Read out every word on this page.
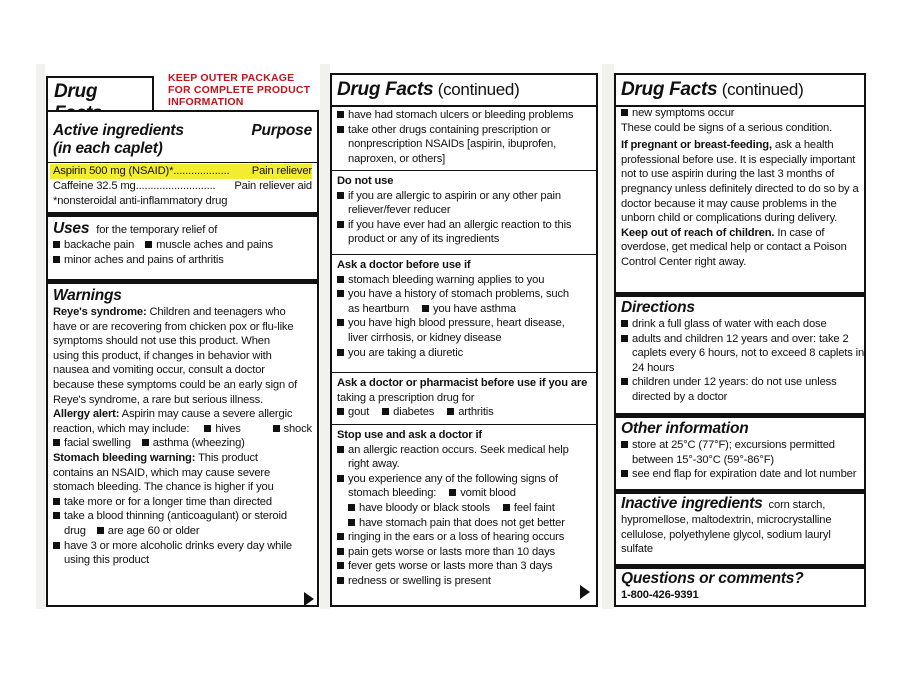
KEEP OUTER PACKAGE
FOR COMPLETE PRODUCT
INFORMATION
Drug
Active ingredients
(in each caplet)
Purpose
Aspirin 500 mg (NSAID)* ...................	Pain reliever
Caffeine 32.5 mg ...........................	Pain reliever aid
*nonsteroidal anti-inflammatory drug
Uses for the temporary relief of
backache pain muscle aches and pains
minor aches and pains of arthritis
Warnings
Reye's syndrome: Children and teenagers who
have or are recovering from chicken pox or flu-like
symptoms should not use this product. When
using this product, if changes in behavior with
nausea and vomiting occur, consult a doctor
because these symptoms could be an early sign of
Reye's syndrome, a rare but serious illness.
Allergy alert: Aspirin may cause a severe allergic
reaction, which may include: hives	shock
facial swelling asthma (wheezing)
Stomach bleeding warning: This product
contains an NSAID, which may cause severe
stomach bleeding. The chance is higher if you
take more or for a longer time than directed
take a blood thinning (anticoagulant) or steroid
drug are age 60 or older
have 3 or more alcoholic drinks every day while
using this product
Drug Facts (continued)
have had stomach ulcers or bleeding problems
take other drugs containing prescription or
nonprescription NSAIDs [aspirin, ibuprofen,
naproxen, or others]
Do not use
if you are allergic to aspirin or any other pain
reliever/fever reducer
if you have ever had an allergic reaction to this
product or any of its ingredients
Ask a doctor before use if
stomach bleeding warning applies to you
you have a history of stomach problems, such
as heartburn you have asthma
you have high blood pressure, heart disease,
liver cirrhosis, or kidney disease
you are taking a diuretic
Ask a doctor or pharmacist before use if you are
taking a prescription drug for
gout diabetes arthritis
Stop use and ask a doctor if
an allergic reaction occurs. Seek medical help
right away.
you experience any of the following signs of
stomach bleeding: vomit blood
have bloody or black stools feel faint
have stomach pain that does not get better
ringing in the ears or a loss of hearing occurs
pain gets worse or lasts more than 10 days
fever gets worse or lasts more than 3 days
redness or swelling is present
Drug Facts (continued)
new symptoms occur
These could be signs of a serious condition.
If pregnant or breast-feeding, ask a health
professional before use. It is especially important
not to use aspirin during the last 3 months of
pregnancy unless definitely directed to do so by a
doctor because it may cause problems in the
unborn child or complications during delivery.
Keep out of reach of children. In case of
overdose, get medical help or contact a Poison
Control Center right away.
Directions
drink a full glass of water with each dose
adults and children 12 years and over: take 2
caplets every 6 hours, not to exceed 8 caplets in
24 hours
children under 12 years: do not use unless
directed by a doctor
Other information
store at 25°C (77°F); excursions permitted
between 15°-30°C (59°-86°F)
see end flap for expiration date and lot number
Inactive ingredients corn starch,
hypromellose, maltodextrin, microcrystalline
cellulose, polyethylene glycol, sodium lauryl
sulfate
Questions or comments?
1-800-426-9391
